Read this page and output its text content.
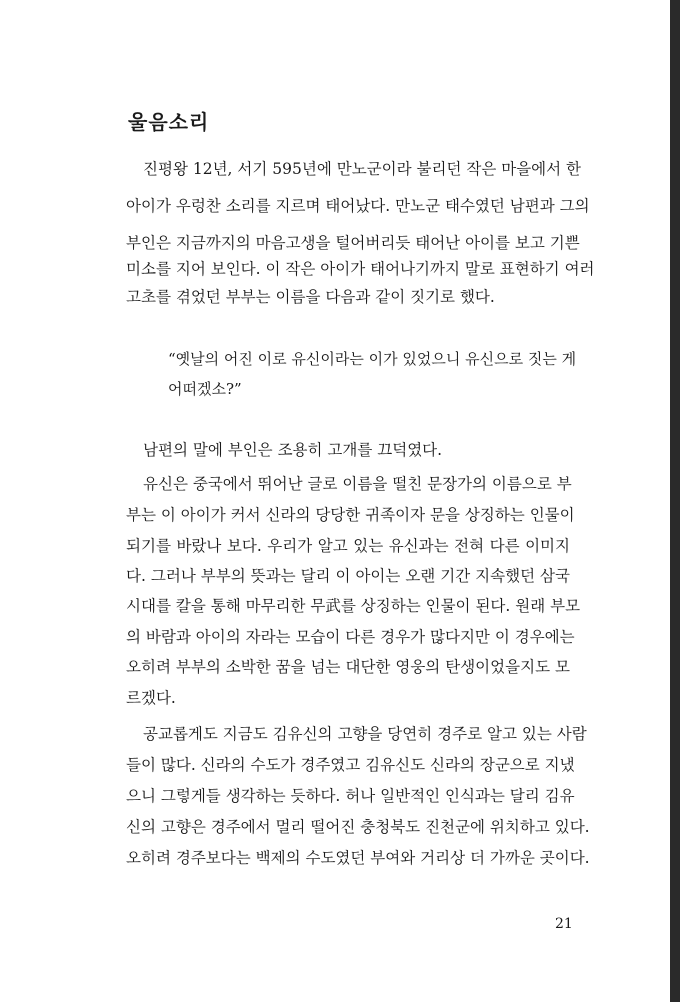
울음소리
진평왕 12년, 서기 595년에 만노군이라 불리던 작은 마을에서 한
아이가 우렁찬 소리를 지르며 태어났다. 만노군 태수였던 남편과 그의
부인은 지금까지의 마음고생을 털어버리듯 태어난 아이를 보고 기쁜
미소를 지어 보인다. 이 작은 아이가 태어나기까지 말로 표현하기 여러
고초를 겪었던 부부는 이름을 다음과 같이 짓기로 했다.
“옛날의 어진 이로 유신이라는 이가 있었으니 유신으로 짓는 게
어떠겠소?”
남편의 말에 부인은 조용히 고개를 끄덕였다.
유신은 중국에서 뛰어난 글로 이름을 떨친 문장가의 이름으로 부
부는 이 아이가 커서 신라의 당당한 귀족이자 문을 상징하는 인물이
되기를 바랐나 보다. 우리가 알고 있는 유신과는 전혀 다른 이미지
다. 그러나 부부의 뜻과는 달리 이 아이는 오랜 기간 지속했던 삼국
시대를 칼을 통해 마무리한 무武를 상징하는 인물이 된다. 원래 부모
의 바람과 아이의 자라는 모습이 다른 경우가 많다지만 이 경우에는
오히려 부부의 소박한 꿈을 넘는 대단한 영웅의 탄생이었을지도 모
르겠다.
공교롭게도 지금도 김유신의 고향을 당연히 경주로 알고 있는 사람
들이 많다. 신라의 수도가 경주였고 김유신도 신라의 장군으로 지냈
으니 그렇게들 생각하는 듯하다. 허나 일반적인 인식과는 달리 김유
신의 고향은 경주에서 멀리 떨어진 충청북도 진천군에 위치하고 있다.
오히려 경주보다는 백제의 수도였던 부여와 거리상 더 가까운 곳이다.
21
